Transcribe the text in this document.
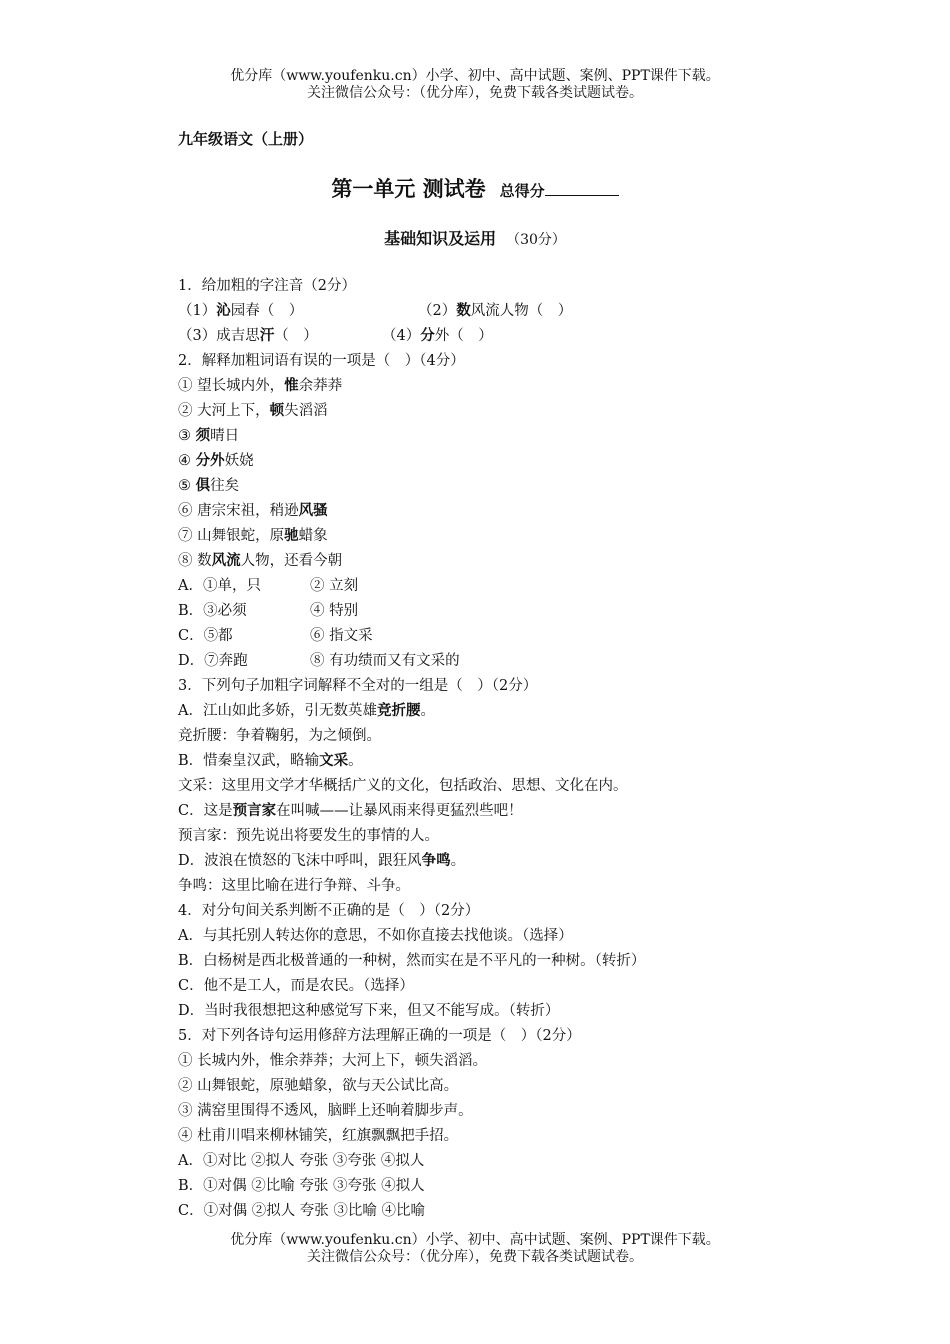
优分库（www.youfenku.cn）小学、初中、高中试题、案例、PPT课件下载。
关注微信公众号：（优分库），免费下载各类试题试卷。
九年级语文（上册）
第一单元 测试卷 总得分
基础知识及运用 （30分）
1．给加粗的字注音（2分）
（1）沁园春（　）	（2）数风流人物（　）
（3）成吉思汗（　）	（4）分外（　）
2．解释加粗词语有误的一项是（　）（4分）
① 望长城内外，惟余莽莽
② 大河上下，顿失滔滔
③ 须晴日
④ 分外妖娆
⑤ 俱往矣
⑥ 唐宗宋祖，稍逊风骚
⑦ 山舞银蛇，原驰蜡象
⑧ 数风流人物，还看今朝
A．①单，只	② 立刻
B．③必须	④ 特别
C．⑤都	⑥ 指文采
D．⑦奔跑	⑧ 有功绩而又有文采的
3．下列句子加粗字词解释不全对的一组是（　）（2分）
A．江山如此多娇，引无数英雄竞折腰。
竞折腰：争着鞠躬，为之倾倒。
B．惜秦皇汉武，略输文采。
文采：这里用文学才华概括广义的文化，包括政治、思想、文化在内。
C．这是预言家在叫喊——让暴风雨来得更猛烈些吧！
预言家：预先说出将要发生的事情的人。
D．波浪在愤怒的飞沫中呼叫，跟狂风争鸣。
争鸣：这里比喻在进行争辩、斗争。
4．对分句间关系判断不正确的是（　）（2分）
A．与其托别人转达你的意思，不如你直接去找他谈。（选择）
B．白杨树是西北极普通的一种树，然而实在是不平凡的一种树。（转折）
C．他不是工人，而是农民。（选择）
D．当时我很想把这种感觉写下来，但又不能写成。（转折）
5．对下列各诗句运用修辞方法理解正确的一项是（　）（2分）
① 长城内外，惟余莽莽；大河上下，顿失滔滔。
② 山舞银蛇，原驰蜡象，欲与天公试比高。
③ 满窑里围得不透风，脑畔上还响着脚步声。
④ 杜甫川唱来柳林铺笑，红旗飘飘把手招。
A．①对比 ②拟人 夸张 ③夸张 ④拟人
B．①对偶 ②比喻 夸张 ③夸张 ④拟人
C．①对偶 ②拟人 夸张 ③比喻 ④比喻
优分库（www.youfenku.cn）小学、初中、高中试题、案例、PPT课件下载。
关注微信公众号：（优分库），免费下载各类试题试卷。
